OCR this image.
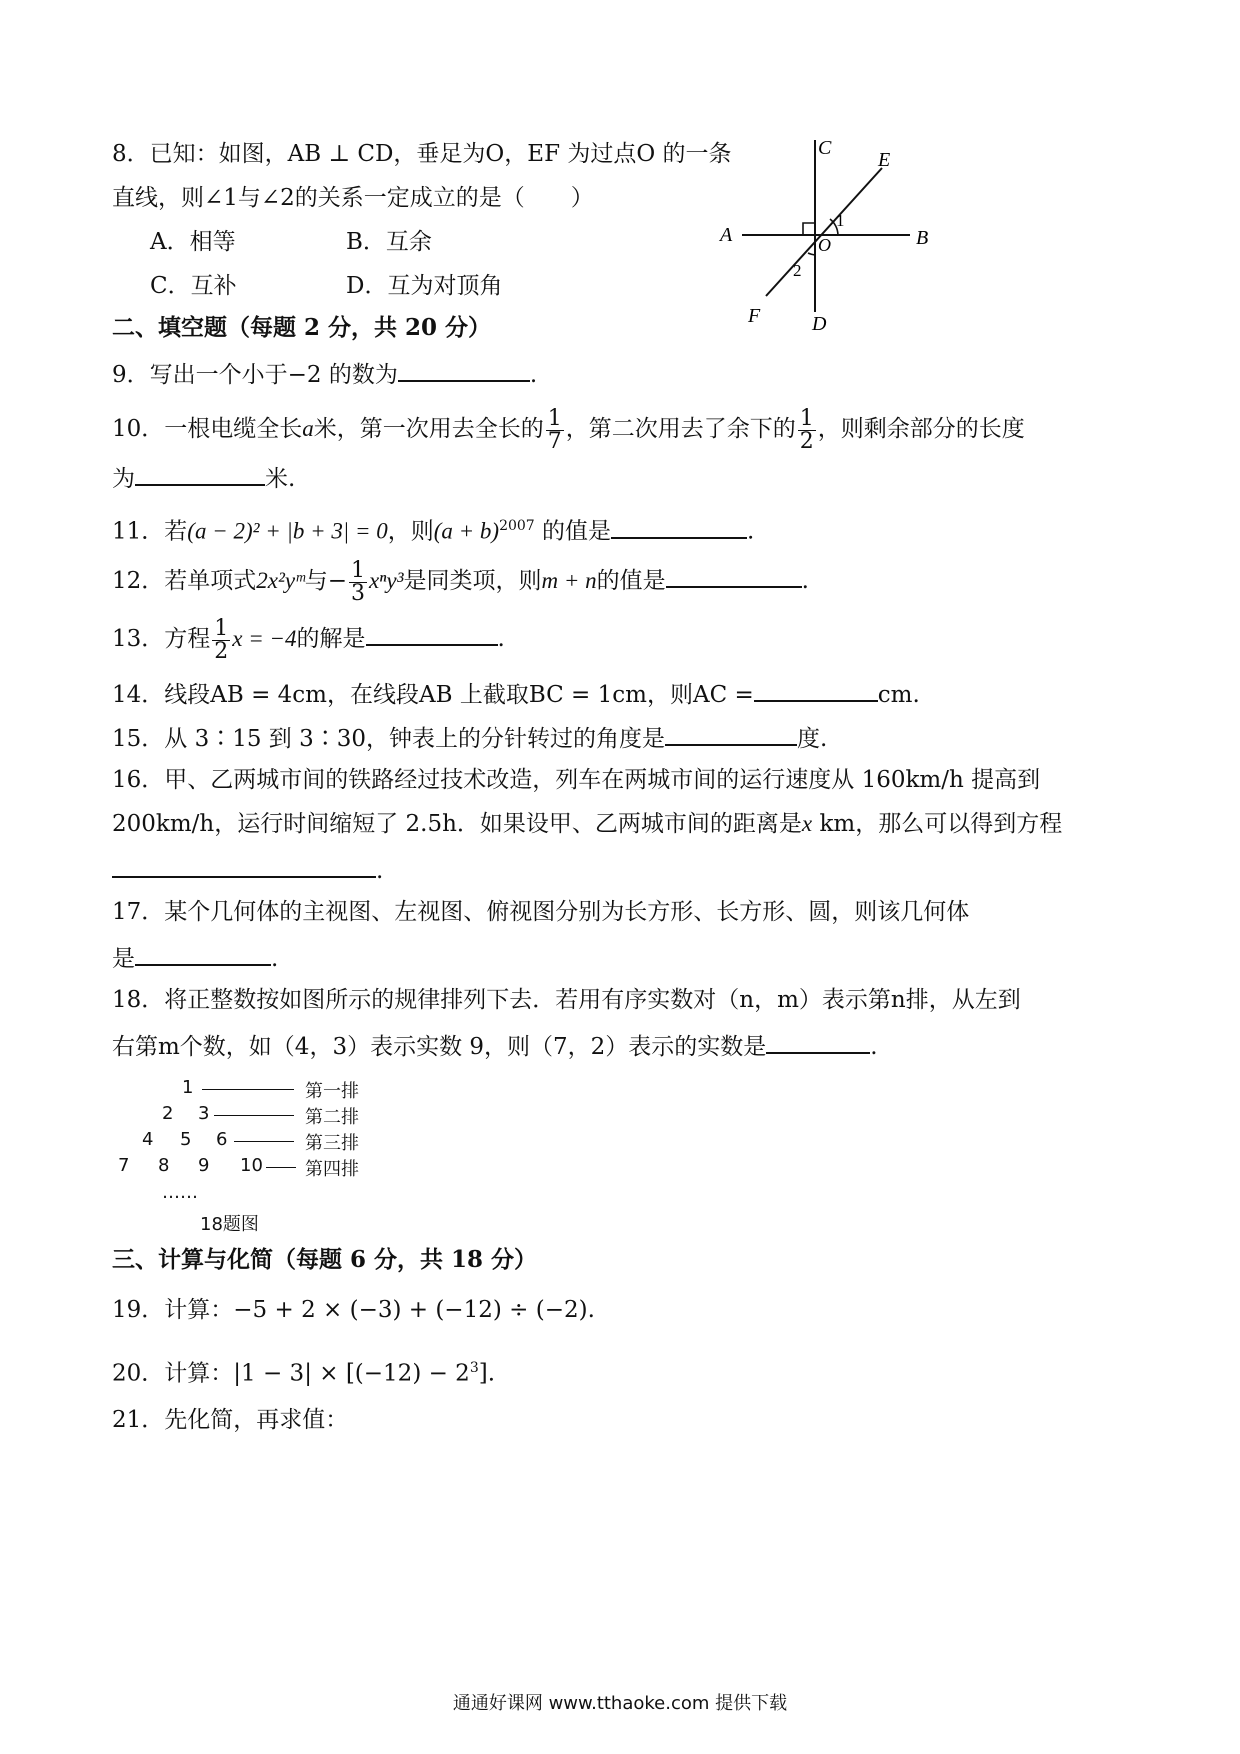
8．已知：如图，AB ⊥ CD，垂足为O，EF 为过点O 的一条
直线，则∠1与∠2的关系一定成立的是（　　）
A．相等	B．互余
C．互补	D．互为对顶角
A	B
C
D
E
F
O
1
2
二、填空题（每题 2 分，共 20 分）
9．写出一个小于−2 的数为	.
10．一根电缆全长a米，第一次用去全长的 $\frac{1}{7}$ ，第二次用去了余下的 $\frac{1}{2}$ ，则剩余部分的长度
为	米.
11．若(a − 2)² + |b + 3| = 0，则$(a + b)^{2007}$ 的值是	.
12．若单项式2x²yᵐ与− $\frac{1}{3} x^ny^3$是同类项，则m + n的值是	.
13．方程 $\frac{1}{2}$ x = −4的解是	.
14．线段AB = 4cm，在线段AB 上截取BC = 1cm，则AC =	cm.
15．从 3∶15 到 3∶30，钟表上的分针转过的角度是	度.
16．甲、乙两城市间的铁路经过技术改造，列车在两城市间的运行速度从 160km/h 提高到
200km/h，运行时间缩短了 2.5h．如果设甲、乙两城市间的距离是x km，那么可以得到方程
.
17．某个几何体的主视图、左视图、俯视图分别为长方形、长方形、圆，则该几何体
是	.
18．将正整数按如图所示的规律排列下去．若用有序实数对（n，m）表示第n排，从左到
右第m个数，如（4，3）表示实数 9，则（7，2）表示的实数是	.
1	第一排
2 3	第二排
4 5 6	第三排
7 8 9 10 第四排
……
18题图
三、计算与化简（每题 6 分，共 18 分）
19．计算：−5 + 2 × (−3) + (−12) ÷ (−2).
20．计算：$|1 - 3| \times [(-12) - 2^3]$.
21．先化简，再求值：
通通好课网 www.tthaoke.com 提供下载
